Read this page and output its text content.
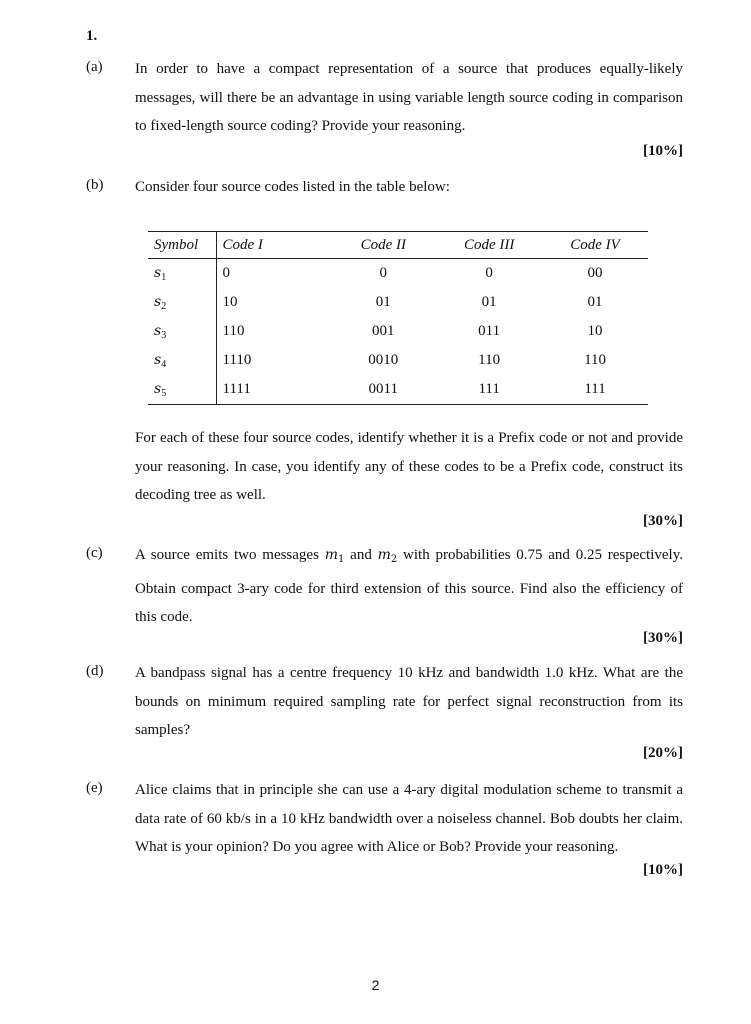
1.
(a) In order to have a compact representation of a source that produces equally-likely messages, will there be an advantage in using variable length source coding in comparison to fixed-length source coding? Provide your reasoning.
[10%]
(b) Consider four source codes listed in the table below:
Symbol	Code I	Code II	Code III	Code IV
$s_1$	0	0	0	00
$s_2$	10	01	01	01
$s_3$	110	001	011	10
$s_4$	1110	0010	110	110
$s_5$	1111	0011	111	111
For each of these four source codes, identify whether it is a Prefix code or not and provide your reasoning. In case, you identify any of these codes to be a Prefix code, construct its decoding tree as well.
[30%]
(c) A source emits two messages $m_1$ and $m_2$ with probabilities 0.75 and 0.25 respectively. Obtain compact 3-ary code for third extension of this source. Find also the efficiency of this code.
[30%]
(d) A bandpass signal has a centre frequency 10 kHz and bandwidth 1.0 kHz. What are the bounds on minimum required sampling rate for perfect signal reconstruction from its samples?
[20%]
(e) Alice claims that in principle she can use a 4-ary digital modulation scheme to transmit a data rate of 60 kb/s in a 10 kHz bandwidth over a noiseless channel. Bob doubts her claim. What is your opinion? Do you agree with Alice or Bob? Provide your reasoning.
[10%]
2
